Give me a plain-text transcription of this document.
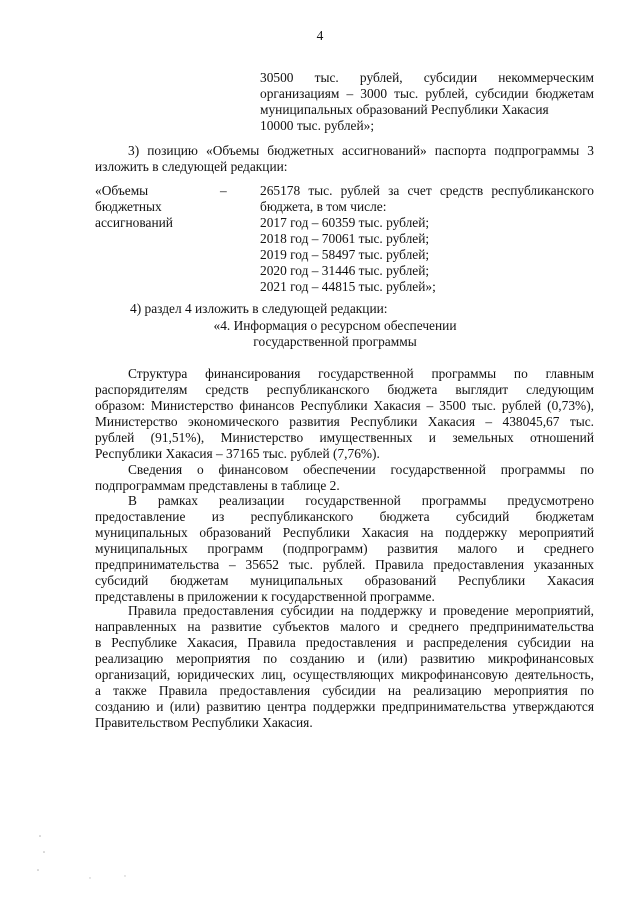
4
30500 тыс. рублей, субсидии некоммерческим
организациям – 3000 тыс. рублей, субсидии бюджетам
муниципальных образований Республики Хакасия
10000 тыс. рублей»;
3) позицию «Объемы бюджетных ассигнований» паспорта подпрограммы 3
изложить в следующей редакции:
«Объемы
бюджетных
ассигнований
– 265178 тыс. рублей за счет средств республиканского
бюджета, в том числе:
2017 год – 60359 тыс. рублей;
2018 год – 70061 тыс. рублей;
2019 год – 58497 тыс. рублей;
2020 год – 31446 тыс. рублей;
2021 год – 44815 тыс. рублей»;
4) раздел 4 изложить в следующей редакции:
«4. Информация о ресурсном обеспечении
государственной программы
Структура финансирования государственной программы по главным
распорядителям средств республиканского бюджета выглядит следующим
образом: Министерство финансов Республики Хакасия – 3500 тыс. рублей (0,73%),
Министерство экономического развития Республики Хакасия – 438045,67 тыс.
рублей (91,51%), Министерство имущественных и земельных отношений
Республики Хакасия – 37165 тыс. рублей (7,76%).
Сведения о финансовом обеспечении государственной программы по
подпрограммам представлены в таблице 2.
В рамках реализации государственной программы предусмотрено
предоставление из республиканского бюджета субсидий бюджетам
муниципальных образований Республики Хакасия на поддержку мероприятий
муниципальных программ (подпрограмм) развития малого и среднего
предпринимательства – 35652 тыс. рублей. Правила предоставления указанных
субсидий бюджетам муниципальных образований Республики Хакасия
представлены в приложении к государственной программе.
Правила предоставления субсидии на поддержку и проведение мероприятий,
направленных на развитие субъектов малого и среднего предпринимательства
в Республике Хакасия, Правила предоставления и распределения субсидии на
реализацию мероприятия по созданию и (или) развитию микрофинансовых
организаций, юридических лиц, осуществляющих микрофинансовую деятельность,
а также Правила предоставления субсидии на реализацию мероприятия по
созданию и (или) развитию центра поддержки предпринимательства утверждаются
Правительством Республики Хакасия.
